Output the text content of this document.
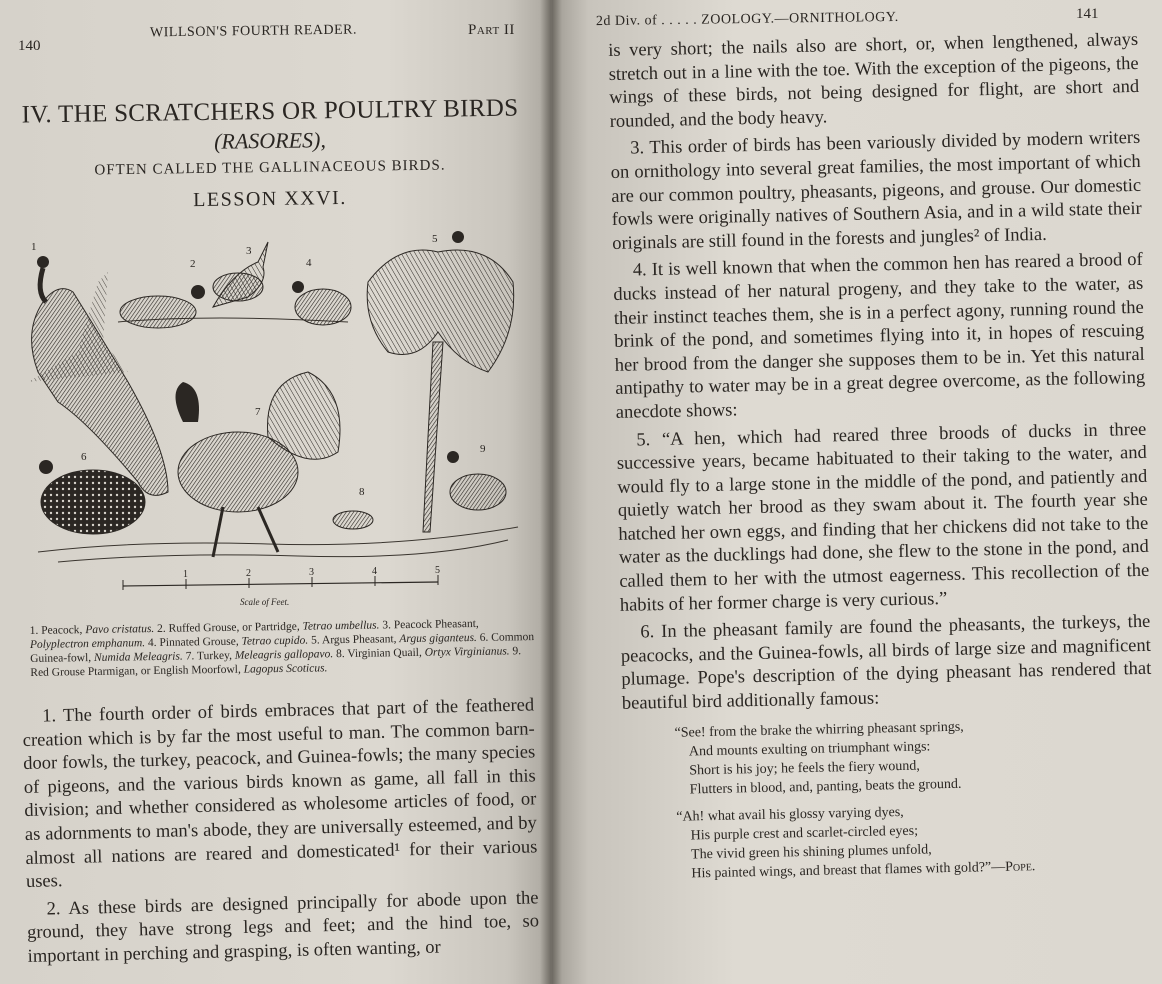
140
WILLSON'S FOURTH READER.	Part II
IV. THE SCRATCHERS OR POULTRY BIRDS
(RASORES),
OFTEN CALLED THE GALLINACEOUS BIRDS.
LESSON XXVI.
1
2
3
4
5
6
7
8
9
1	2	3	4	5
Scale of Feet.
1. Peacock, Pavo cristatus. 2. Ruffed Grouse, or Partridge, Tetrao umbellus. 3. Peacock Pheasant, Polyplectron emphanum. 4. Pinnated Grouse, Tetrao cupido. 5. Argus Pheasant, Argus giganteus. 6. Common Guinea-fowl, Numida Meleagris. 7. Turkey, Meleagris gallopavo. 8. Virginian Quail, Ortyx Virginianus. 9. Red Grouse Ptarmigan, or English Moorfowl, Lagopus Scoticus.

1. The fourth order of birds embraces that part of the feathered creation which is by far the most useful to man. The common barn-door fowls, the turkey, peacock, and Guinea-fowls; the many species of pigeons, and the various birds known as game, all fall in this division; and whether considered as wholesome articles of food, or as adornments to man's abode, they are universally esteemed, and by almost all nations are reared and domesticated¹ for their various uses.

2. As these birds are designed principally for abode upon the ground, they have strong legs and feet; and the hind toe, so important in perching and grasping, is often wanting, or

2d Div. of . . . . . ZOOLOGY.—ORNITHOLOGY.	141

is very short; the nails also are short, or, when lengthened, always stretch out in a line with the toe. With the exception of the pigeons, the wings of these birds, not being designed for flight, are short and rounded, and the body heavy.

3. This order of birds has been variously divided by modern writers on ornithology into several great families, the most important of which are our common poultry, pheasants, pigeons, and grouse. Our domestic fowls were originally natives of Southern Asia, and in a wild state their originals are still found in the forests and jungles² of India.

4. It is well known that when the common hen has reared a brood of ducks instead of her natural progeny, and they take to the water, as their instinct teaches them, she is in a perfect agony, running round the brink of the pond, and sometimes flying into it, in hopes of rescuing her brood from the danger she supposes them to be in. Yet this natural antipathy to water may be in a great degree overcome, as the following anecdote shows:

5. “A hen, which had reared three broods of ducks in three successive years, became habituated to their taking to the water, and would fly to a large stone in the middle of the pond, and patiently and quietly watch her brood as they swam about it. The fourth year she hatched her own eggs, and finding that her chickens did not take to the water as the ducklings had done, she flew to the stone in the pond, and called them to her with the utmost eagerness. This recollection of the habits of her former charge is very curious.”

6. In the pheasant family are found the pheasants, the turkeys, the peacocks, and the Guinea-fowls, all birds of large size and magnificent plumage. Pope's description of the dying pheasant has rendered that beautiful bird additionally famous:

“See! from the brake the whirring pheasant springs,
And mounts exulting on triumphant wings:
Short is his joy; he feels the fiery wound,
Flutters in blood, and, panting, beats the ground.
“Ah! what avail his glossy varying dyes,
His purple crest and scarlet-circled eyes;
The vivid green his shining plumes unfold,
His painted wings, and breast that flames with gold?”—Pope.
